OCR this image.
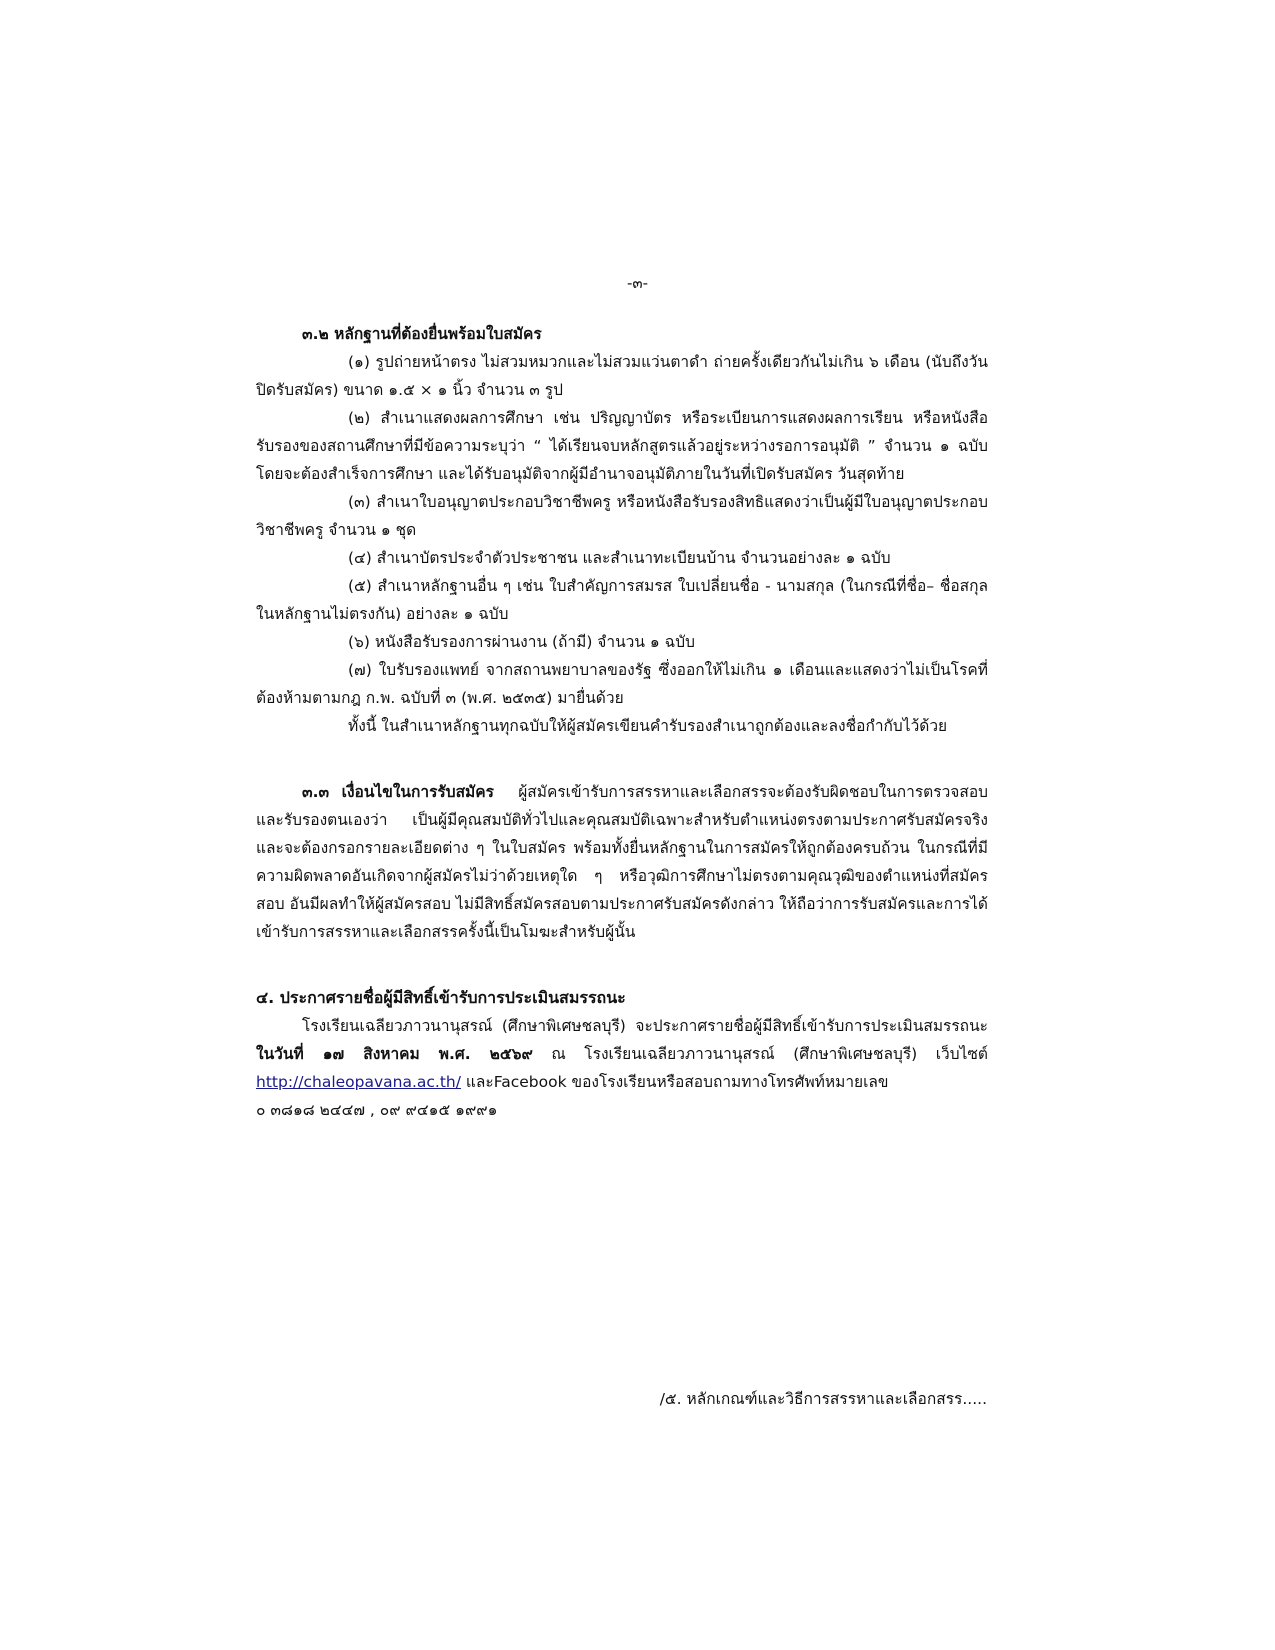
-๓-

๓.๒ หลักฐานที่ต้องยื่นพร้อมใบสมัคร

(๑) รูปถ่ายหน้าตรง ไม่สวมหมวกและไม่สวมแว่นตาดำ ถ่ายครั้งเดียวกันไม่เกิน ๖ เดือน (นับถึงวันปิดรับสมัคร) ขนาด ๑.๕ × ๑ นิ้ว จำนวน ๓ รูป

(๒) สำเนาแสดงผลการศึกษา เช่น ปริญญาบัตร หรือระเบียนการแสดงผลการเรียน หรือหนังสือรับรองของสถานศึกษาที่มีข้อความระบุว่า “ ได้เรียนจบหลักสูตรแล้วอยู่ระหว่างรอการอนุมัติ ” จำนวน ๑ ฉบับ โดยจะต้องสำเร็จการศึกษา และได้รับอนุมัติจากผู้มีอำนาจอนุมัติภายในวันที่เปิดรับสมัคร วันสุดท้าย

(๓) สำเนาใบอนุญาตประกอบวิชาชีพครู หรือหนังสือรับรองสิทธิแสดงว่าเป็นผู้มีใบอนุญาตประกอบวิชาชีพครู จำนวน ๑ ชุด

(๔) สำเนาบัตรประจำตัวประชาชน และสำเนาทะเบียนบ้าน จำนวนอย่างละ ๑ ฉบับ

(๕) สำเนาหลักฐานอื่น ๆ เช่น ใบสำคัญการสมรส ใบเปลี่ยนชื่อ - นามสกุล (ในกรณีที่ชื่อ– ชื่อสกุล ในหลักฐานไม่ตรงกัน) อย่างละ ๑ ฉบับ

(๖) หนังสือรับรองการผ่านงาน (ถ้ามี) จำนวน ๑ ฉบับ

(๗) ใบรับรองแพทย์ จากสถานพยาบาลของรัฐ ซึ่งออกให้ไม่เกิน ๑ เดือนและแสดงว่าไม่เป็นโรคที่ต้องห้ามตามกฎ ก.พ. ฉบับที่ ๓ (พ.ศ. ๒๕๓๕) มายื่นด้วย

ทั้งนี้ ในสำเนาหลักฐานทุกฉบับให้ผู้สมัครเขียนคำรับรองสำเนาถูกต้องและลงชื่อกำกับไว้ด้วย

๓.๓ เงื่อนไขในการรับสมัคร ผู้สมัครเข้ารับการสรรหาและเลือกสรรจะต้องรับผิดชอบในการตรวจสอบและรับรองตนเองว่า เป็นผู้มีคุณสมบัติทั่วไปและคุณสมบัติเฉพาะสำหรับตำแหน่งตรงตามประกาศรับสมัครจริงและจะต้องกรอกรายละเอียดต่าง ๆ ในใบสมัคร พร้อมทั้งยื่นหลักฐานในการสมัครให้ถูกต้องครบถ้วน ในกรณีที่มีความผิดพลาดอันเกิดจากผู้สมัครไม่ว่าด้วยเหตุใด ๆ หรือวุฒิการศึกษาไม่ตรงตามคุณวุฒิของตำแหน่งที่สมัครสอบ อันมีผลทำให้ผู้สมัครสอบ ไม่มีสิทธิ์สมัครสอบตามประกาศรับสมัครดังกล่าว ให้ถือว่าการรับสมัครและการได้เข้ารับการสรรหาและเลือกสรรครั้งนี้เป็นโมฆะสำหรับผู้นั้น

๔. ประกาศรายชื่อผู้มีสิทธิ์เข้ารับการประเมินสมรรถนะ

โรงเรียนเฉลียวภาวนานุสรณ์ (ศึกษาพิเศษชลบุรี) จะประกาศรายชื่อผู้มีสิทธิ์เข้ารับการประเมินสมรรถนะ ในวันที่ ๑๗ สิงหาคม พ.ศ. ๒๕๖๙ ณ โรงเรียนเฉลียวภาวนานุสรณ์ (ศึกษาพิเศษชลบุรี) เว็บไซต์ http://chaleopavana.ac.th/ และFacebook ของโรงเรียนหรือสอบถามทางโทรศัพท์หมายเลข

๐ ๓๘๑๘ ๒๔๔๗ , ๐๙ ๙๔๑๕ ๑๙๙๑

/๕. หลักเกณฑ์และวิธีการสรรหาและเลือกสรร.....
